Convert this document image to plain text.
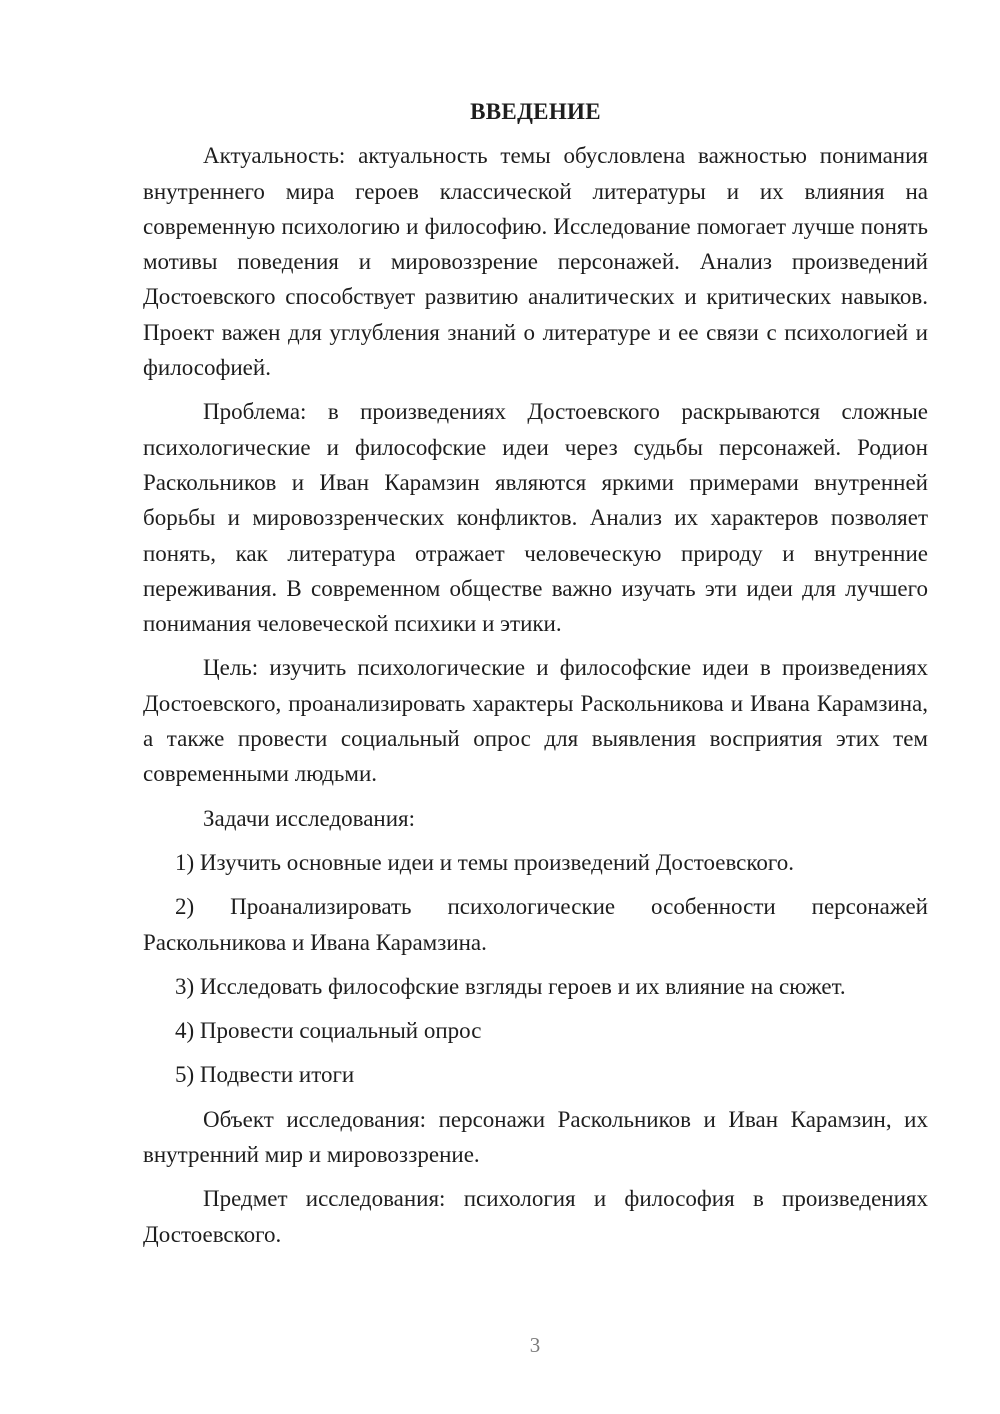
ВВЕДЕНИЕ

Актуальность: актуальность темы обусловлена важностью понимания внутреннего мира героев классической литературы и их влияния на современную психологию и философию. Исследование помогает лучше понять мотивы поведения и мировоззрение персонажей. Анализ произведений Достоевского способствует развитию аналитических и критических навыков. Проект важен для углубления знаний о литературе и ее связи с психологией и философией.

Проблема: в произведениях Достоевского раскрываются сложные психологические и философские идеи через судьбы персонажей. Родион Раскольников и Иван Карамзин являются яркими примерами внутренней борьбы и мировоззренческих конфликтов. Анализ их характеров позволяет понять, как литература отражает человеческую природу и внутренние переживания. В современном обществе важно изучать эти идеи для лучшего понимания человеческой психики и этики.

Цель: изучить психологические и философские идеи в произведениях Достоевского, проанализировать характеры Раскольникова и Ивана Карамзина, а также провести социальный опрос для выявления восприятия этих тем современными людьми.

Задачи исследования:

1) Изучить основные идеи и темы произведений Достоевского.

2) Проанализировать психологические особенности персонажей Раскольникова и Ивана Карамзина.

3) Исследовать философские взгляды героев и их влияние на сюжет.

4) Провести социальный опрос

5) Подвести итоги

Объект исследования: персонажи Раскольников и Иван Карамзин, их внутренний мир и мировоззрение.

Предмет исследования: психология и философия в произведениях Достоевского.

3
